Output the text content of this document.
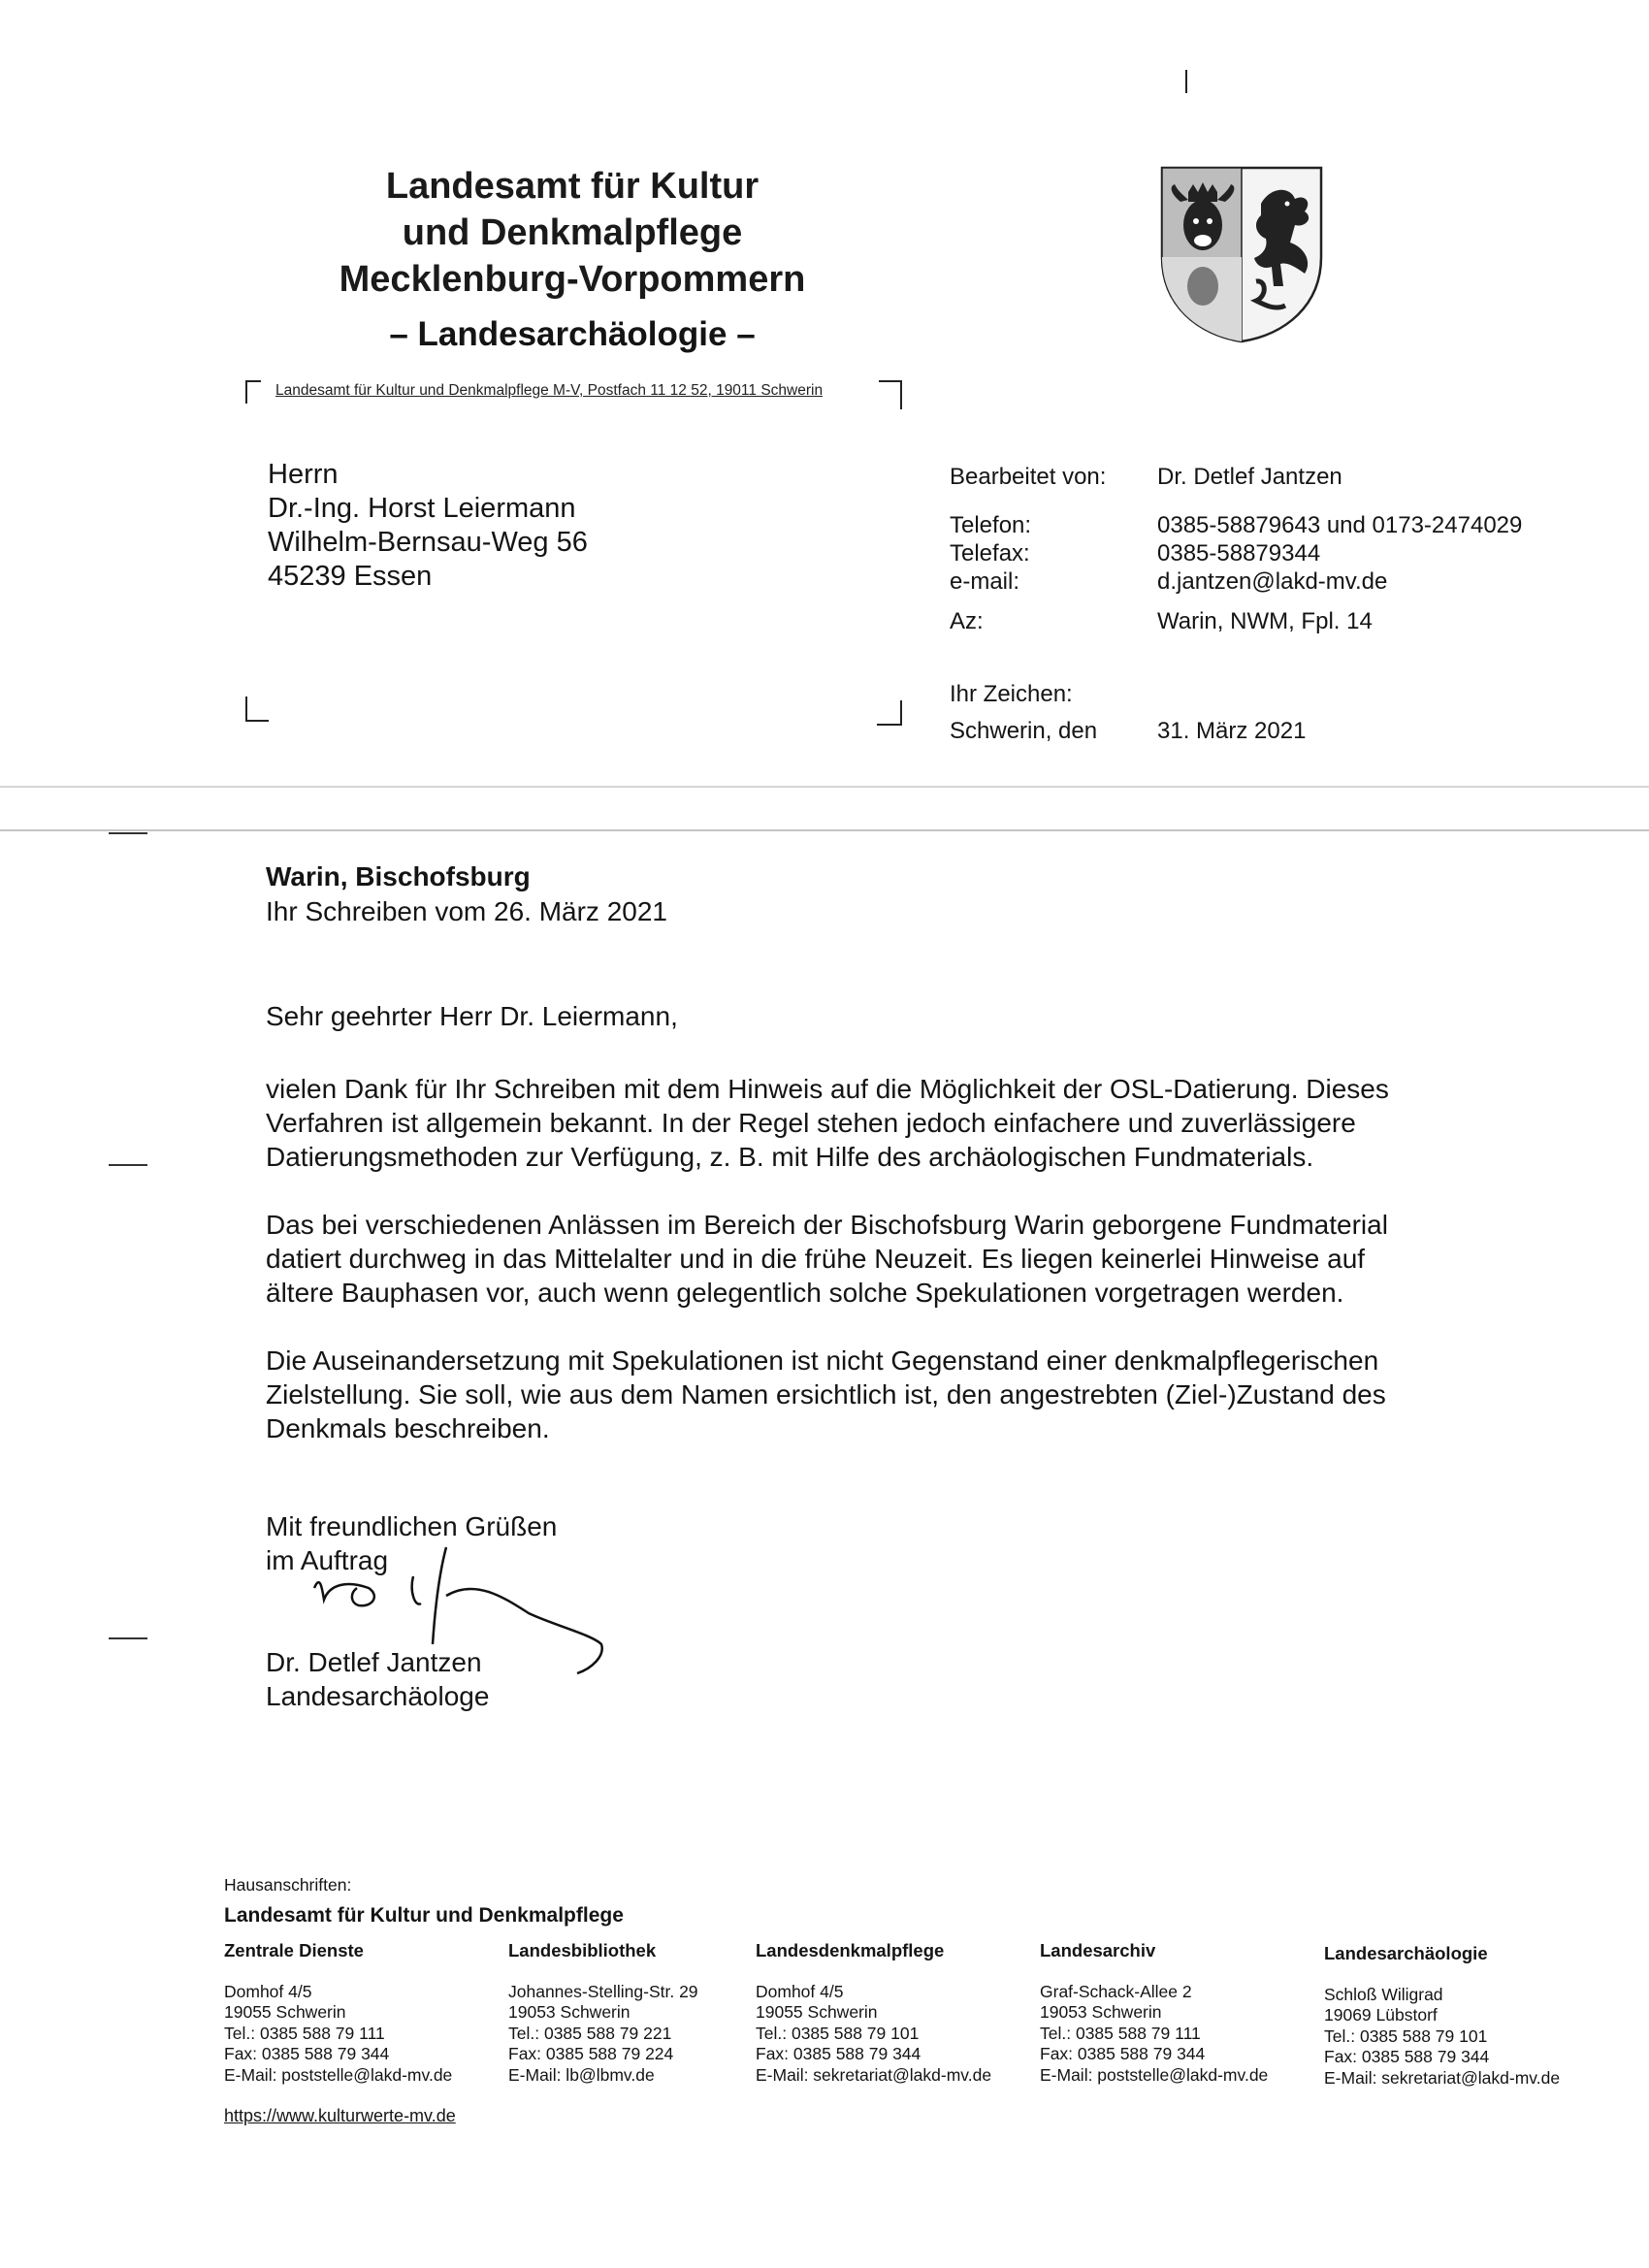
Landesamt für Kultur
und Denkmalpflege
Mecklenburg-Vorpommern
– Landesarchäologie –
Landesamt für Kultur und Denkmalpflege M-V, Postfach 11 12 52, 19011 Schwerin
Herrn
Dr.-Ing. Horst Leiermann
Wilhelm-Bernsau-Weg 56
45239 Essen
Bearbeitet von: Dr. Detlef Jantzen
Telefon:	0385-58879643 und 0173-2474029
Telefax:	0385-58879344
e-mail:	d.jantzen@lakd-mv.de
Az:	Warin, NWM, Fpl. 14
Ihr Zeichen:
Schwerin, den	31. März 2021
Warin, Bischofsburg
Ihr Schreiben vom 26. März 2021
Sehr geehrter Herr Dr. Leiermann,
vielen Dank für Ihr Schreiben mit dem Hinweis auf die Möglichkeit der OSL-Datierung. Dieses
Verfahren ist allgemein bekannt. In der Regel stehen jedoch einfachere und zuverlässigere
Datierungsmethoden zur Verfügung, z. B. mit Hilfe des archäologischen Fundmaterials.
Das bei verschiedenen Anlässen im Bereich der Bischofsburg Warin geborgene Fundmaterial
datiert durchweg in das Mittelalter und in die frühe Neuzeit. Es liegen keinerlei Hinweise auf
ältere Bauphasen vor, auch wenn gelegentlich solche Spekulationen vorgetragen werden.
Die Auseinandersetzung mit Spekulationen ist nicht Gegenstand einer denkmalpflegerischen
Zielstellung. Sie soll, wie aus dem Namen ersichtlich ist, den angestrebten (Ziel-)Zustand des
Denkmals beschreiben.
Mit freundlichen Grüßen
im Auftrag
Dr. Detlef Jantzen
Landesarchäologe
Hausanschriften:
Landesamt für Kultur und Denkmalpflege
Zentrale Dienste
Domhof 4/5
19055 Schwerin
Tel.: 0385 588 79 111
Fax: 0385 588 79 344
E-Mail: poststelle@lakd-mv.de
Landesbibliothek
Johannes-Stelling-Str. 29
19053 Schwerin
Tel.: 0385 588 79 221
Fax: 0385 588 79 224
E-Mail: lb@lbmv.de
Landesdenkmalpflege
Domhof 4/5
19055 Schwerin
Tel.: 0385 588 79 101
Fax: 0385 588 79 344
E-Mail: sekretariat@lakd-mv.de
Landesarchiv
Graf-Schack-Allee 2
19053 Schwerin
Tel.: 0385 588 79 111
Fax: 0385 588 79 344
E-Mail: poststelle@lakd-mv.de
Landesarchäologie
Schloß Wiligrad
19069 Lübstorf
Tel.: 0385 588 79 101
Fax: 0385 588 79 344
E-Mail: sekretariat@lakd-mv.de
https://www.kulturwerte-mv.de
